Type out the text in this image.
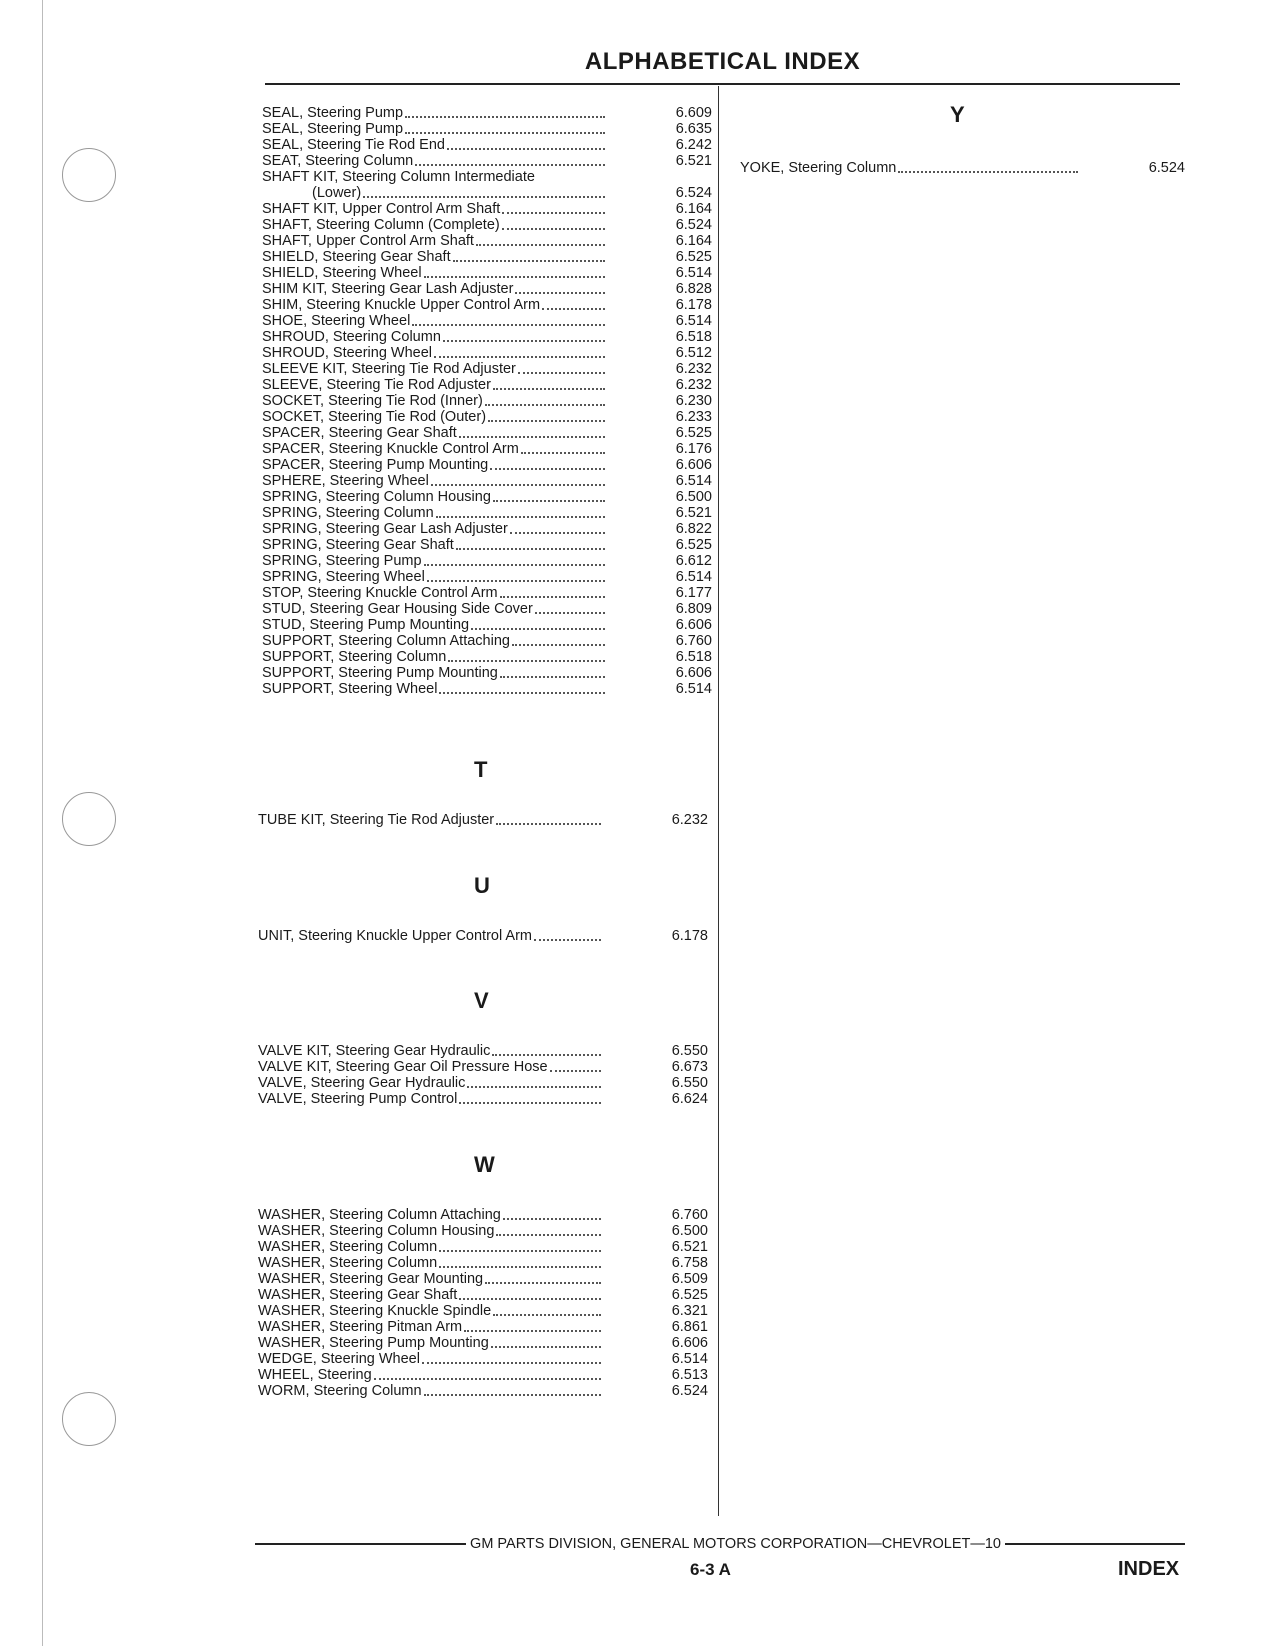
ALPHABETICAL INDEX
SEAL, Steering Pump	6.609
SEAL, Steering Pump	6.635
SEAL, Steering Tie Rod End	6.242
SEAT, Steering Column	6.521
SHAFT KIT, Steering Column Intermediate
(Lower)	6.524
SHAFT KIT, Upper Control Arm Shaft	6.164
SHAFT, Steering Column (Complete)	6.524
SHAFT, Upper Control Arm Shaft	6.164
SHIELD, Steering Gear Shaft	6.525
SHIELD, Steering Wheel	6.514
SHIM KIT, Steering Gear Lash Adjuster	6.828
SHIM, Steering Knuckle Upper Control Arm	6.178
SHOE, Steering Wheel	6.514
SHROUD, Steering Column	6.518
SHROUD, Steering Wheel	6.512
SLEEVE KIT, Steering Tie Rod Adjuster	6.232
SLEEVE, Steering Tie Rod Adjuster	6.232
SOCKET, Steering Tie Rod (Inner)	6.230
SOCKET, Steering Tie Rod (Outer)	6.233
SPACER, Steering Gear Shaft	6.525
SPACER, Steering Knuckle Control Arm	6.176
SPACER, Steering Pump Mounting	6.606
SPHERE, Steering Wheel	6.514
SPRING, Steering Column Housing	6.500
SPRING, Steering Column	6.521
SPRING, Steering Gear Lash Adjuster	6.822
SPRING, Steering Gear Shaft	6.525
SPRING, Steering Pump	6.612
SPRING, Steering Wheel	6.514
STOP, Steering Knuckle Control Arm	6.177
STUD, Steering Gear Housing Side Cover	6.809
STUD, Steering Pump Mounting	6.606
SUPPORT, Steering Column Attaching	6.760
SUPPORT, Steering Column	6.518
SUPPORT, Steering Pump Mounting	6.606
SUPPORT, Steering Wheel	6.514
T
TUBE KIT, Steering Tie Rod Adjuster	6.232
U
UNIT, Steering Knuckle Upper Control Arm	6.178
V
VALVE KIT, Steering Gear Hydraulic	6.550
VALVE KIT, Steering Gear Oil Pressure Hose	6.673
VALVE, Steering Gear Hydraulic	6.550
VALVE, Steering Pump Control	6.624
W
WASHER, Steering Column Attaching	6.760
WASHER, Steering Column Housing	6.500
WASHER, Steering Column	6.521
WASHER, Steering Column	6.758
WASHER, Steering Gear Mounting	6.509
WASHER, Steering Gear Shaft	6.525
WASHER, Steering Knuckle Spindle	6.321
WASHER, Steering Pitman Arm	6.861
WASHER, Steering Pump Mounting	6.606
WEDGE, Steering Wheel	6.514
WHEEL, Steering	6.513
WORM, Steering Column	6.524
Y
YOKE, Steering Column	6.524
GM PARTS DIVISION, GENERAL MOTORS CORPORATION—CHEVROLET—10
6-3 A	INDEX
